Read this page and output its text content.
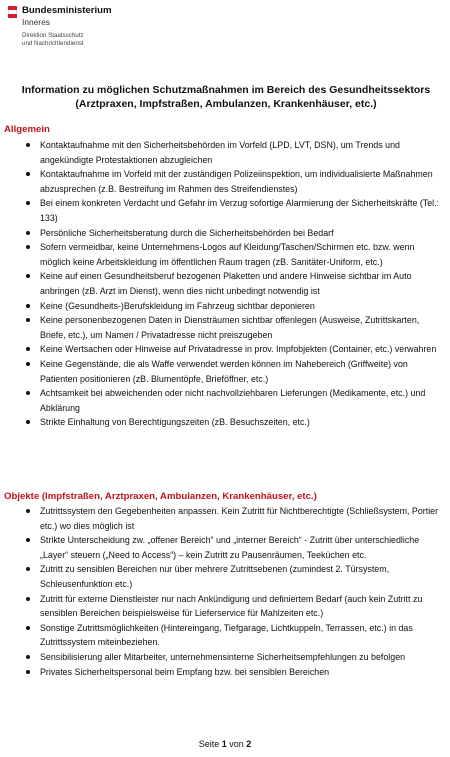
Bundesministerium
Inneres
Direktion Staatsschutz
und Nachrichtendienst
Information zu möglichen Schutzmaßnahmen im Bereich des Gesundheitssektors
(Arztpraxen, Impfstraßen, Ambulanzen, Krankenhäuser, etc.)
Allgemein
Kontaktaufnahme mit den Sicherheitsbehörden im Vorfeld (LPD, LVT, DSN), um Trends und angekündigte Protestaktionen abzugleichen
Kontaktaufnahme im Vorfeld mit der zuständigen Polizeiinspektion, um individualisierte Maßnahmen abzusprechen (z.B. Bestreifung im Rahmen des Streifendienstes)
Bei einem konkreten Verdacht und Gefahr im Verzug sofortige Alarmierung der Sicherheitskräfte (Tel.: 133)
Persönliche Sicherheitsberatung durch die Sicherheitsbehörden bei Bedarf
Sofern vermeidbar, keine Unternehmens-Logos auf Kleidung/Taschen/Schirmen etc. bzw. wenn möglich keine Arbeitskleidung im öffentlichen Raum tragen (zB. Sanitäter-Uniform, etc.)
Keine auf einen Gesundheitsberuf bezogenen Plaketten und andere Hinweise sichtbar im Auto anbringen (zB. Arzt im Dienst), wenn dies nicht unbedingt notwendig ist
Keine (Gesundheits-)Berufskleidung im Fahrzeug sichtbar deponieren
Keine personenbezogenen Daten in Diensträumen sichtbar offenlegen (Ausweise, Zutrittskarten, Briefe, etc.), um Namen / Privatadresse nicht preiszugeben
Keine Wertsachen oder Hinweise auf Privatadresse in prov. Impfobjekten (Container, etc.) verwahren
Keine Gegenstände, die als Waffe verwendet werden können im Nahebereich (Griffweite) von Patienten positionieren (zB. Blumentöpfe, Brieföffner, etc.)
Achtsamkeit bei abweichenden oder nicht nachvollziehbaren Lieferungen (Medikamente, etc.) und Abklärung
Strikte Einhaltung von Berechtigungszeiten (zB. Besuchszeiten, etc.)
Objekte (Impfstraßen, Arztpraxen, Ambulanzen, Krankenhäuser, etc.)
Zutrittssystem den Gegebenheiten anpassen. Kein Zutritt für Nichtberechtigte (Schließsystem, Portier etc.) wo dies möglich ist
Strikte Unterscheidung zw. „offener Bereich“ und „interner Bereich“ - Zutritt über unterschiedliche „Layer“ steuern („Need to Access“) – kein Zutritt zu Pausenräumen, Teeküchen etc.
Zutritt zu sensiblen Bereichen nur über mehrere Zutrittsebenen (zumindest 2. Türsystem, Schleusenfunktion etc.)
Zutritt für externe Dienstleister nur nach Ankündigung und definiertem Bedarf (auch kein Zutritt zu sensiblen Bereichen beispielsweise für Lieferservice für Mahlzeiten etc.)
Sonstige Zutrittsmöglichkeiten (Hintereingang, Tiefgarage, Lichtkuppeln, Terrassen, etc.) in das Zutrittssystem miteinbeziehen.
Sensibilisierung aller Mitarbeiter, unternehmensinterne Sicherheitsempfehlungen zu befolgen
Privates Sicherheitspersonal beim Empfang bzw. bei sensiblen Bereichen
Seite 1 von 2
